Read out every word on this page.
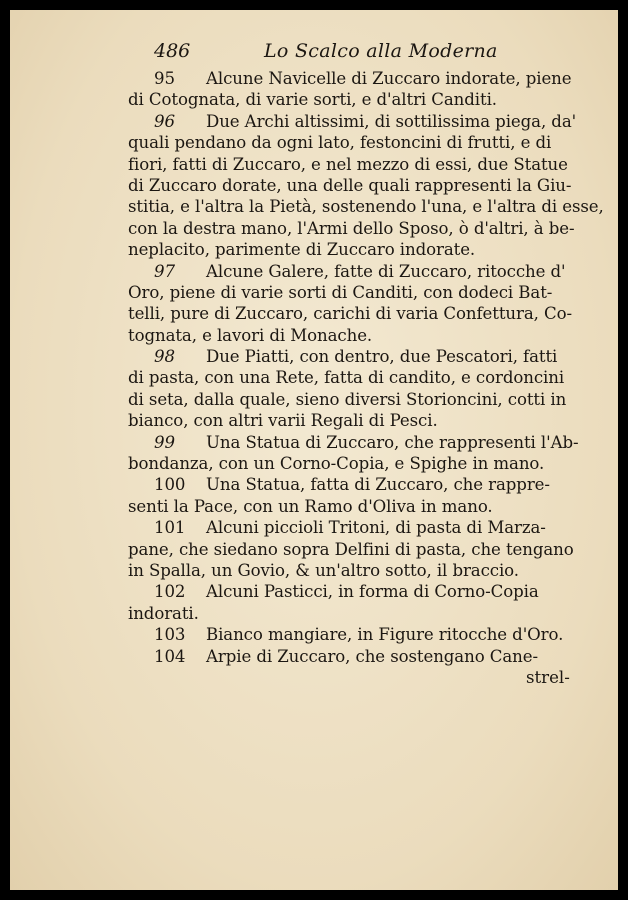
486	Lo Scalco alla Moderna
95 Alcune Navicelle di Zuccaro indorate, piene
di Cotognata, di varie sorti, e d'altri Canditi.
96 Due Archi altissimi, di sottilissima piega, da'
quali pendano da ogni lato, festoncini di frutti, e di
fiori, fatti di Zuccaro, e nel mezzo di essi, due Statue
di Zuccaro dorate, una delle quali rappresenti la Giu-
stitia, e l'altra la Pietà, sostenendo l'una, e l'altra di esse,
con la destra mano, l'Armi dello Sposo, ò d'altri, à be-
neplacito, parimente di Zuccaro indorate.
97 Alcune Galere, fatte di Zuccaro, ritocche d'
Oro, piene di varie sorti di Canditi, con dodeci Bat-
telli, pure di Zuccaro, carichi di varia Confettura, Co-
tognata, e lavori di Monache.
98 Due Piatti, con dentro, due Pescatori, fatti
di pasta, con una Rete, fatta di candito, e cordoncini
di seta, dalla quale, sieno diversi Storioncini, cotti in
bianco, con altri varii Regali di Pesci.
99 Una Statua di Zuccaro, che rappresenti l'Ab-
bondanza, con un Corno-Copia, e Spighe in mano.
100 Una Statua, fatta di Zuccaro, che rappre-
senti la Pace, con un Ramo d'Oliva in mano.
101 Alcuni piccioli Tritoni, di pasta di Marza-
pane, che siedano sopra Delfini di pasta, che tengano
in Spalla, un Govio, & un'altro sotto, il braccio.
102 Alcuni Pasticci, in forma di Corno-Copia
indorati.
103 Bianco mangiare, in Figure ritocche d'Oro.
104 Arpie di Zuccaro, che sostengano Cane-
strel-
